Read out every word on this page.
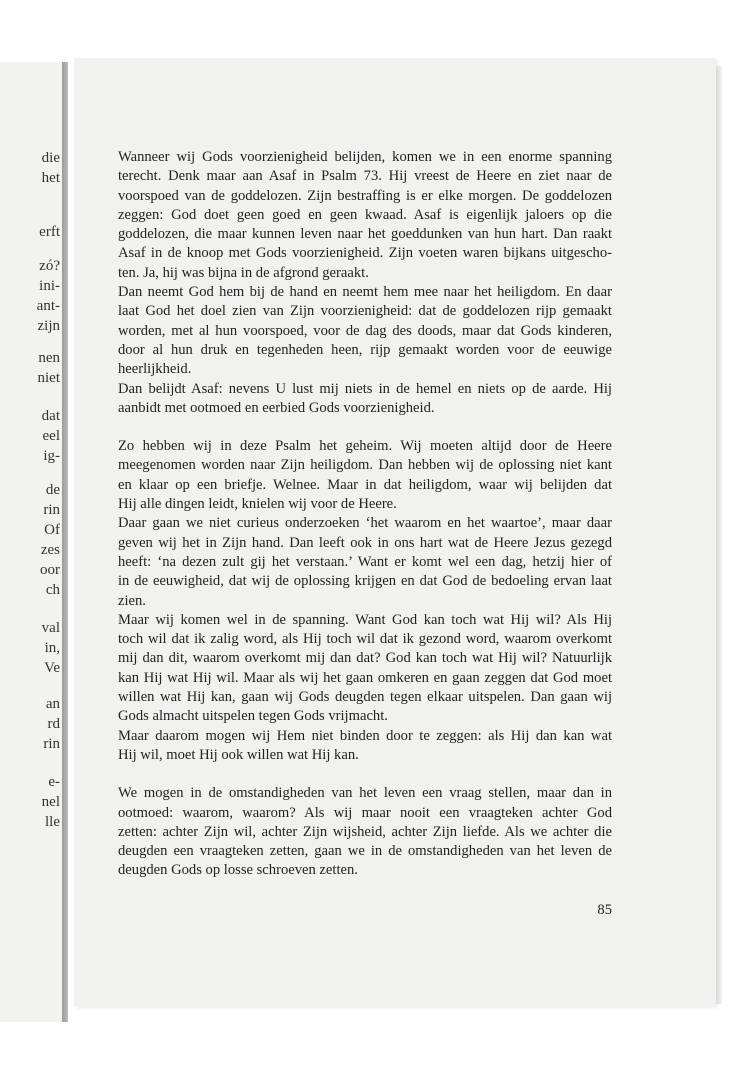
die
het
erft
zó?
ini-
ant-
zijn
nen
niet
dat
eel
ig-
de
rin
Of
zes
oor
ch
val
in,
Ve
an
rd
rin
e-
nel
lle
Wanneer wij Gods voorzienigheid belijden, komen we in een enorme spanning
terecht. Denk maar aan Asaf in Psalm 73. Hij vreest de Heere en ziet naar de
voorspoed van de goddelozen. Zijn bestraffing is er elke morgen. De goddelozen
zeggen: God doet geen goed en geen kwaad. Asaf is eigenlijk jaloers op die
goddelozen, die maar kunnen leven naar het goeddunken van hun hart. Dan raakt
Asaf in de knoop met Gods voorzienigheid. Zijn voeten waren bijkans uitgescho-
ten. Ja, hij was bijna in de afgrond geraakt.
Dan neemt God hem bij de hand en neemt hem mee naar het heiligdom. En daar
laat God het doel zien van Zijn voorzienigheid: dat de goddelozen rijp gemaakt
worden, met al hun voorspoed, voor de dag des doods, maar dat Gods kinderen,
door al hun druk en tegenheden heen, rijp gemaakt worden voor de eeuwige
heerlijkheid.
Dan belijdt Asaf: nevens U lust mij niets in de hemel en niets op de aarde. Hij
aanbidt met ootmoed en eerbied Gods voorzienigheid.
Zo hebben wij in deze Psalm het geheim. Wij moeten altijd door de Heere
meegenomen worden naar Zijn heiligdom. Dan hebben wij de oplossing niet kant
en klaar op een briefje. Welnee. Maar in dat heiligdom, waar wij belijden dat
Hij alle dingen leidt, knielen wij voor de Heere.
Daar gaan we niet curieus onderzoeken ‘het waarom en het waartoe’, maar daar
geven wij het in Zijn hand. Dan leeft ook in ons hart wat de Heere Jezus gezegd
heeft: ‘na dezen zult gij het verstaan.’ Want er komt wel een dag, hetzij hier of
in de eeuwigheid, dat wij de oplossing krijgen en dat God de bedoeling ervan laat
zien.
Maar wij komen wel in de spanning. Want God kan toch wat Hij wil? Als Hij
toch wil dat ik zalig word, als Hij toch wil dat ik gezond word, waarom overkomt
mij dan dit, waarom overkomt mij dan dat? God kan toch wat Hij wil? Natuurlijk
kan Hij wat Hij wil. Maar als wij het gaan omkeren en gaan zeggen dat God moet
willen wat Hij kan, gaan wij Gods deugden tegen elkaar uitspelen. Dan gaan wij
Gods almacht uitspelen tegen Gods vrijmacht.
Maar daarom mogen wij Hem niet binden door te zeggen: als Hij dan kan wat
Hij wil, moet Hij ook willen wat Hij kan.
We mogen in de omstandigheden van het leven een vraag stellen, maar dan in
ootmoed: waarom, waarom? Als wij maar nooit een vraagteken achter God
zetten: achter Zijn wil, achter Zijn wijsheid, achter Zijn liefde. Als we achter die
deugden een vraagteken zetten, gaan we in de omstandigheden van het leven de
deugden Gods op losse schroeven zetten.
85
